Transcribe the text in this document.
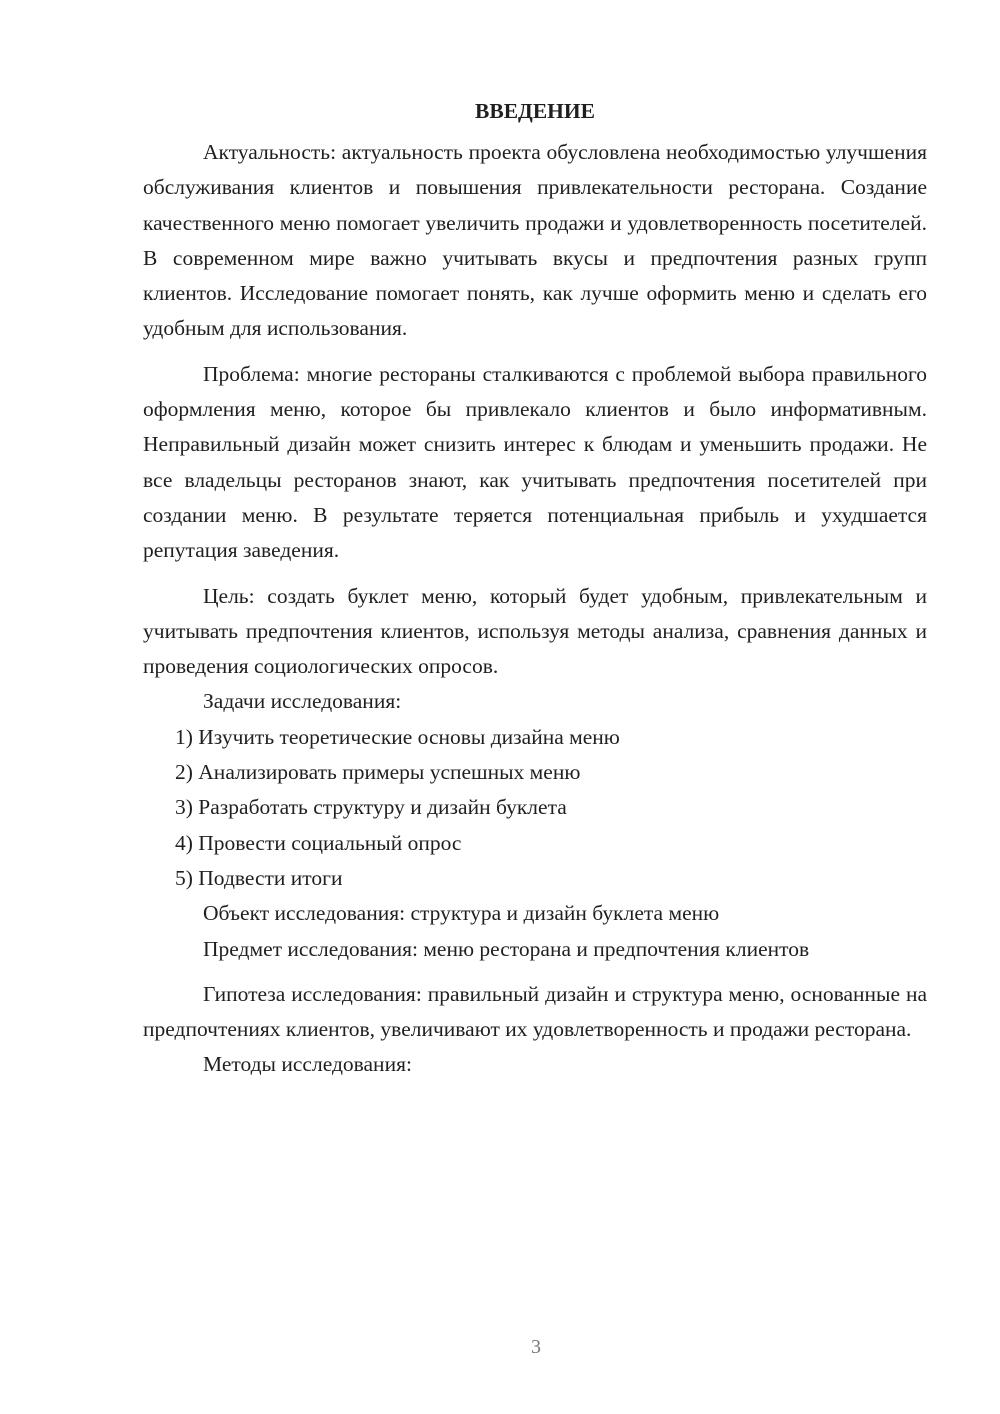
ВВЕДЕНИЕ

Актуальность: актуальность проекта обусловлена необходимостью улучшения обслуживания клиентов и повышения привлекательности ресторана. Создание качественного меню помогает увеличить продажи и удовлетворенность посетителей. В современном мире важно учитывать вкусы и предпочтения разных групп клиентов. Исследование помогает понять, как лучше оформить меню и сделать его удобным для использования.

Проблема: многие рестораны сталкиваются с проблемой выбора правильного оформления меню, которое бы привлекало клиентов и было информативным. Неправильный дизайн может снизить интерес к блюдам и уменьшить продажи. Не все владельцы ресторанов знают, как учитывать предпочтения посетителей при создании меню. В результате теряется потенциальная прибыль и ухудшается репутация заведения.

Цель: создать буклет меню, который будет удобным, привлекательным и учитывать предпочтения клиентов, используя методы анализа, сравнения данных и проведения социологических опросов.

Задачи исследования:

1) Изучить теоретические основы дизайна меню

2) Анализировать примеры успешных меню

3) Разработать структуру и дизайн буклета

4) Провести социальный опрос

5) Подвести итоги

Объект исследования: структура и дизайн буклета меню

Предмет исследования: меню ресторана и предпочтения клиентов

Гипотеза исследования: правильный дизайн и структура меню, основанные на предпочтениях клиентов, увеличивают их удовлетворенность и продажи ресторана.

Методы исследования:

3
